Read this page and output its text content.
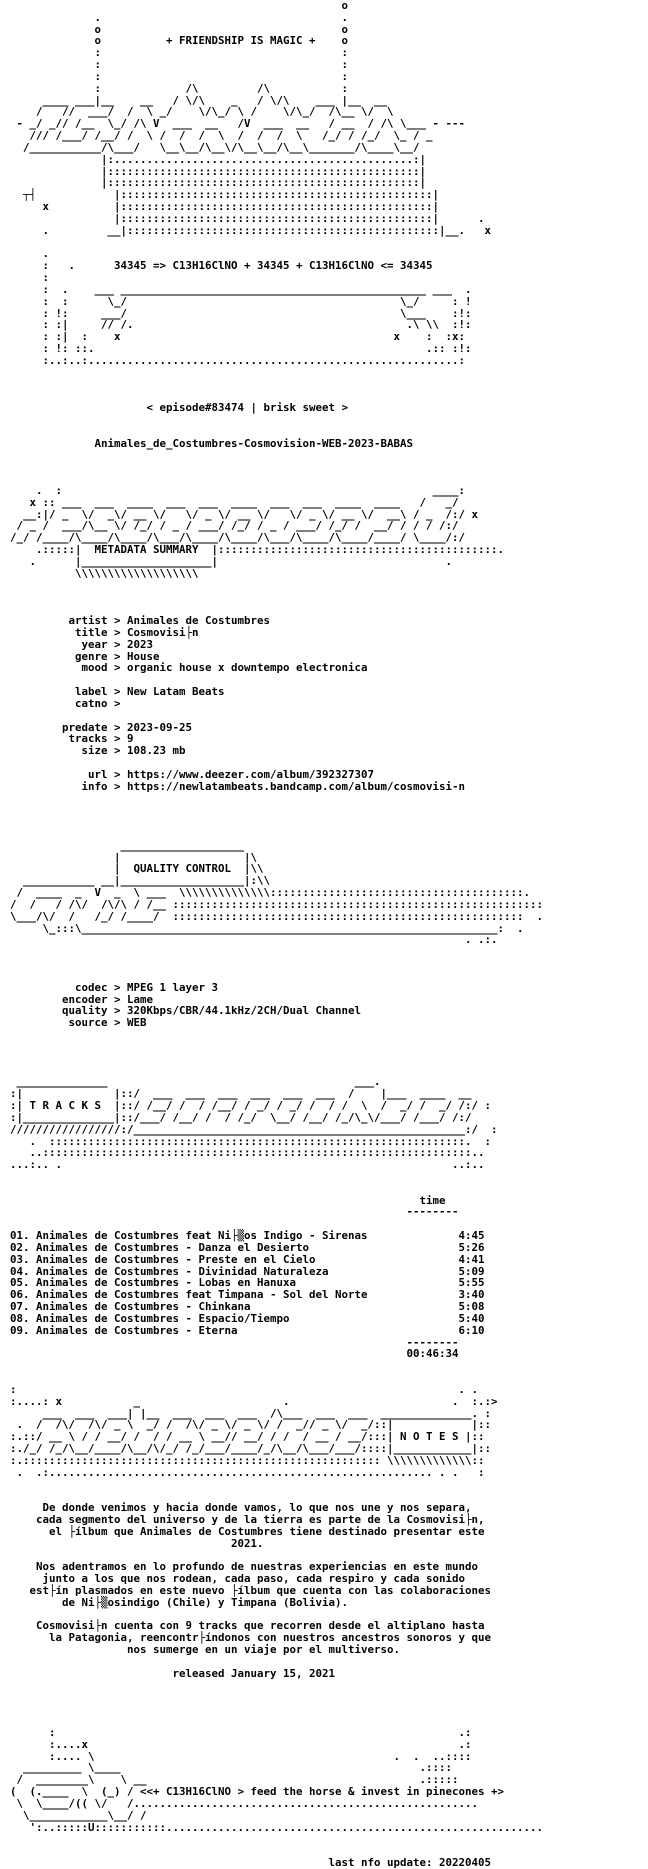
o
.                                     .
o                                     o
o          + FRIENDSHIP IS MAGIC +    o
:                                     :
:                                     :
:                                     :
:             /\         /\           :
____ ___|__    __   / \/\    _   / \/\    ___ |__  __
/   //  ___/  /  \ _/    \/\_/ \ /    \/\_/  /\__ \/  \
- _/ _// /__  \_/ /\ V  ___  __   /V  ___  __   / __  / /\ \___ - ---
/// /___/ /__/ /  \ /  /  /  \  /  /  /  \   /_/ / /_/  \_ / _
/___________/\___/   \__\__/\__\/\__\__/\__\_______/\____\__/
|:..............................................:|
|::::::::::::::::::::::::::::::::::::::::::::::::|
|::::::::::::::::::::::::::::::::::::::::::::::::|
┬┤            |::::::::::::::::::::::::::::::::::::::::::::::::|
x          |::::::::::::::::::::::::::::::::::::::::::::::::|
|::::::::::::::::::::::::::::::::::::::::::::::::|      .
.         __|::::::::::::::::::::::::::::::::::::::::::::::::|__.   x
.
:   .      34345 => C13H16ClNO + 34345 + C13H16ClNO <= 34345
:
:  .    ___ _______________________________________________ ___  .
:  :      \_/                                          \_/     : !
: !:     ___/                                          \___    :!:
: :|     // /.                                          .\ \\  :!:
: :|  :    x                                          x    :  :x:
: !: ::.                                                   .:: :!:
:..:..:.........................................................:
< episode#83474 | brisk sweet >
Animales_de_Costumbres-Cosmovision-WEB-2023-BABAS
.  :                                                         ____:
x :: ___  ___  ____  ___  ___  ____  ___  ___  ____  ____   /   _/
__:|/ _  \/  _\/ __ \/   \/ _ \/ __ \/   \/ _ \/ __ \/  __\ / _  /:/ x
/ _ /  ___/\__ \/ /_/ / _ / ___/ /_/ / _ / ___/ /_/ /  __/ / / / /:/
/_/ /____/\____/\____/\___/\____/\____/\___/\____/\____/____/ \____/:/
.:::::|  METADATA SUMMARY  |:::::::::::::::::::::::::::::::::::::::::::.
.      |____________________|                                   .
\\\\\\\\\\\\\\\\\\\
artist > Animales de Costumbres
title > Cosmovisi├n
year > 2023
genre > House
mood > organic house x downtempo electronica
label > New Latam Beats
catno >
predate > 2023-09-25
tracks > 9
size > 108.23 mb
url > https://www.deezer.com/album/392327307
info > https://newlatambeats.bandcamp.com/album/cosmovisi-n
___________________
|                   |\
|  QUALITY CONTROL  |\\
___________ __|___________________|:\\
/  ____  _  V  _  \ ___  \\\\\\\\\\\\\\:::::::::::::::::::::::::::::::::::::::.
/  /   / /\/  /\/\ / /__ :::::::::::::::::::::::::::::::::::::::::::::::::::::::::
\___/\/  /   /_/ /____/  ::::::::::::::::::::::::::::::::::::::::::::::::::::::  .
\_:::\________________________________________________________________:  .
. .:.
codec > MPEG 1 layer 3
encoder > Lame
quality > 320Kbps/CBR/44.1kHz/2CH/Dual Channel
source > WEB
______________                                      ___.
:|              |::/  ___  ___  ___  ___  ___  ___  /    |___  ____  __
:| T R A C K S  |::/ /__/ /  / /__/ / _/ / _/ /  / /  \  /  _/ /  _/ /:/ :
:|______________|::/___/ /__/ /  / /_/  \__/ /__/ /_/\_\/___/ /___/ /:/
/////////////////:/___________________________________________________:/  :
.  ::::::::::::::::::::::::::::::::::::::::::::::::::::::::::::::::.  :
..::::::::::::::::::::::::::::::::::::::::::::::::::::::::::::::::::..
...:.. .                                                            ..:..
time
--------
01. Animales de Costumbres feat Ni├▒os Indigo - Sirenas              4:45
02. Animales de Costumbres - Danza el Desierto                       5:26
03. Animales de Costumbres - Preste en el Cielo                      4:41
04. Animales de Costumbres - Divinidad Naturaleza                    5:09
05. Animales de Costumbres - Lobas en Hanuxa                         5:55
06. Animales de Costumbres feat Timpana - Sol del Norte              3:40
07. Animales de Costumbres - Chinkana                                5:08
08. Animales de Costumbres - Espacio/Tiempo                          5:40
09. Animales de Costumbres - Eterna                                  6:10
--------
00:46:34
:                                                                    . .
:....: x           _                      .                         .  :.:>
___  ___  ___| |__  ___  ___  ___  /\___  ___  ___  ______________. :
.  /  /\/  /\/ _ \  _/ /  /\/ _ \/ _ \/ /  _// _ \/  _/::|            |::
:.::/ __ \ / / __/ /  / / __ \ __// __/ / /  / __ / __/:::| N O T E S |::
:./_/ /_/\__/____/\__/\/_/ /_/___/____/_/\__/\___/___/::::|____________|::
:.::::::::::::::::::::::::::::::::::::::::::::::::::::::: \\\\\\\\\\\\\::
.  .:........................................................... . .   :
De donde venimos y hacia donde vamos, lo que nos une y nos separa,
cada segmento del universo y de la tierra es parte de la Cosmovisi├n,
el ├ílbum que Animales de Costumbres tiene destinado presentar este
2021.
Nos adentramos en lo profundo de nuestras experiencias en este mundo
junto a los que nos rodean, cada paso, cada respiro y cada sonido
est├ín plasmados en este nuevo ├ílbum que cuenta con las colaboraciones
de Ni├▒osindigo (Chile) y Timpana (Bolivia).
Cosmovisi├n cuenta con 9 tracks que recorren desde el altiplano hasta
la Patagonia, reencontr├índonos con nuestros ancestros sonoros y que
nos sumerge en un viaje por el multiverso.
released January 15, 2021
:                                                              .:
:....x                                                         .:
:.... \                                              .  .  ..::::
_________ \____                                              .::::
/  ________\    \ __                                          .:::::
(  (.____  \  (_) / <<+ C13H16ClNO > feed the horse & invest in pinecones +>
\  \____/(( \/   /.....................................................
\____________\__/ /
':..:::::U:::::::::::..........................................................
last nfo update: 20220405
